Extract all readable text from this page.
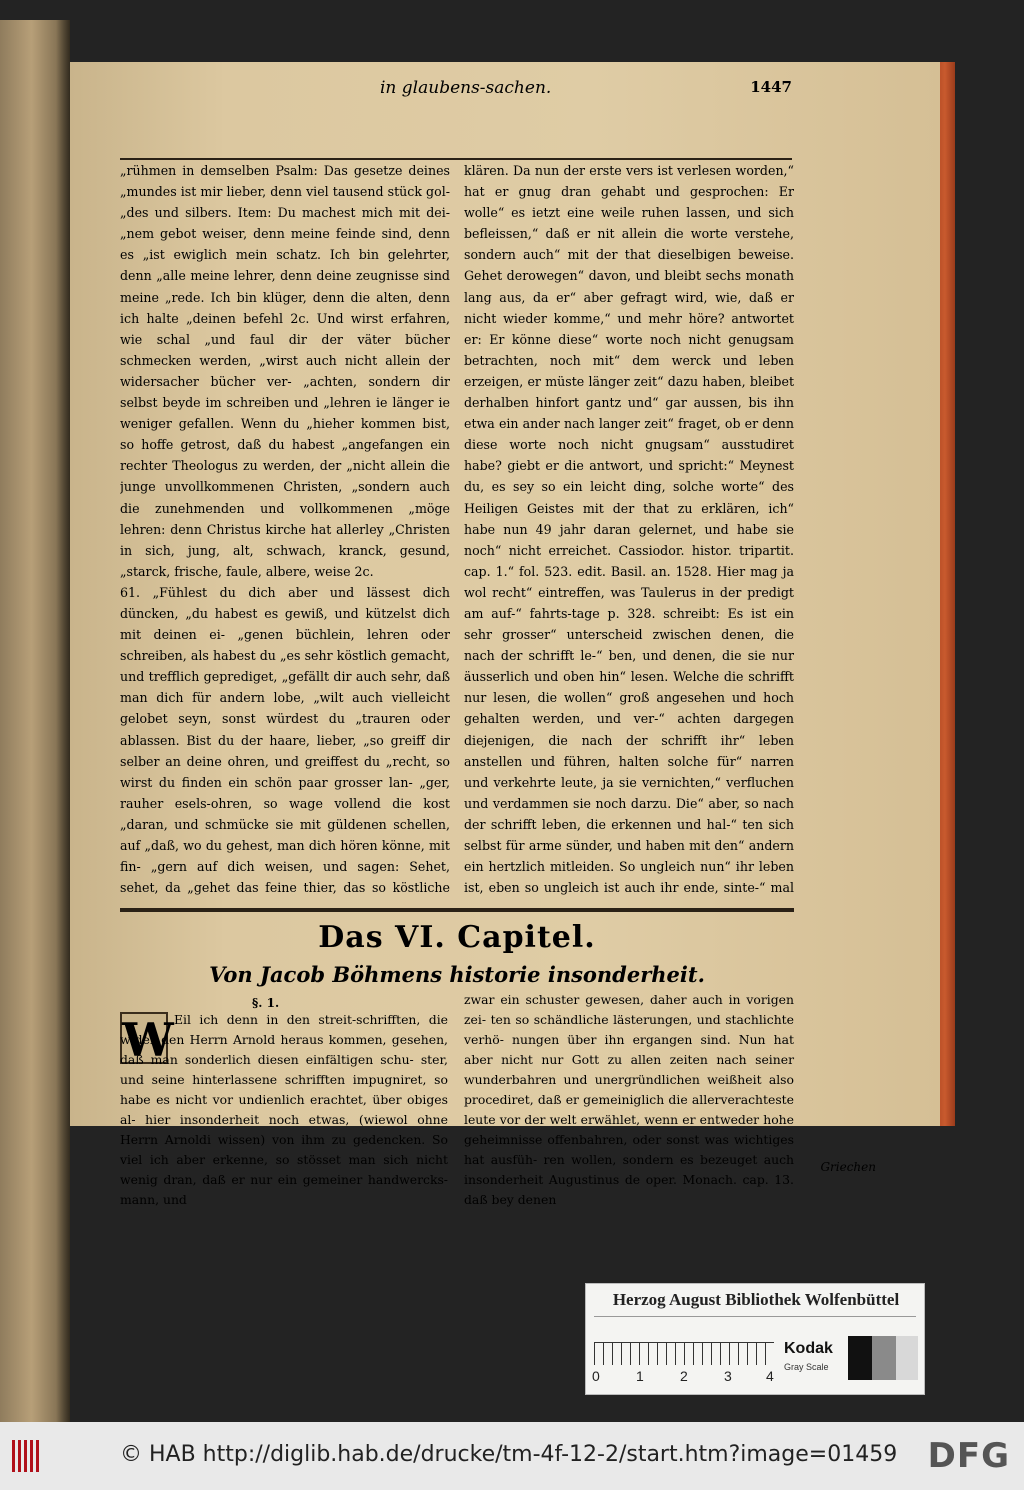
in glaubens-sachen.	1447

„rühmen in demselben Psalm: Das gesetze deines „mundes ist mir lieber, denn viel tausend stück gol- „des und silbers. Item: Du machest mich mit dei- „nem gebot weiser, denn meine feinde sind, denn es „ist ewiglich mein schatz. Ich bin gelehrter, denn „alle meine lehrer, denn deine zeugnisse sind meine „rede. Ich bin klüger, denn die alten, denn ich halte „deinen befehl 2c. Und wirst erfahren, wie schal „und faul dir der väter bücher schmecken werden, „wirst auch nicht allein der widersacher bücher ver- „achten, sondern dir selbst beyde im schreiben und „lehren ie länger ie weniger gefallen. Wenn du „hieher kommen bist, so hoffe getrost, daß du habest „angefangen ein rechter Theologus zu werden, der „nicht allein die junge unvollkommenen Christen, „sondern auch die zunehmenden und vollkommenen „möge lehren: denn Christus kirche hat allerley „Christen in sich, jung, alt, schwach, kranck, gesund, „starck, frische, faule, albere, weise 2c.

61. „Fühlest du dich aber und lässest dich düncken, „du habest es gewiß, und kützelst dich mit deinen ei- „genen büchlein, lehren oder schreiben, als habest du „es sehr köstlich gemacht, und trefflich geprediget, „gefällt dir auch sehr, daß man dich für andern lobe, „wilt auch vielleicht gelobet seyn, sonst würdest du „trauren oder ablassen. Bist du der haare, lieber, „so greiff dir selber an deine ohren, und greiffest du „recht, so wirst du finden ein schön paar grosser lan- „ger, rauher esels-ohren, so wage vollend die kost „daran, und schmücke sie mit güldenen schellen, auf „daß, wo du gehest, man dich hören könne, mit fin- „gern auf dich weisen, und sagen: Sehet, sehet, da „gehet das feine thier, das so köstliche

klären. Da nun der erste vers ist verlesen worden,“ hat er gnug dran gehabt und gesprochen: Er wolle“ es ietzt eine weile ruhen lassen, und sich befleissen,“ daß er nit allein die worte verstehe, sondern auch“ mit der that dieselbigen beweise. Gehet derowegen“ davon, und bleibt sechs monath lang aus, da er“ aber gefragt wird, wie, daß er nicht wieder komme,“ und mehr höre? antwortet er: Er könne diese“ worte noch nicht genugsam betrachten, noch mit“ dem werck und leben erzeigen, er müste länger zeit“ dazu haben, bleibet derhalben hinfort gantz und“ gar aussen, bis ihn etwa ein ander nach langer zeit“ fraget, ob er denn diese worte noch nicht gnugsam“ ausstudiret habe? giebt er die antwort, und spricht:“ Meynest du, es sey so ein leicht ding, solche worte“ des Heiligen Geistes mit der that zu erklären, ich“ habe nun 49 jahr daran gelernet, und habe sie noch“ nicht erreichet. Cassiodor. histor. tripartit. cap. 1.“ fol. 523. edit. Basil. an. 1528. Hier mag ja wol recht“ eintreffen, was Taulerus in der predigt am auf-“ fahrts-tage p. 328. schreibt: Es ist ein sehr grosser“ unterscheid zwischen denen, die nach der schrifft le-“ ben, und denen, die sie nur äusserlich und oben hin“ lesen. Welche die schrifft nur lesen, die wollen“ groß angesehen und hoch gehalten werden, und ver-“ achten dargegen diejenigen, die nach der schrifft ihr“ leben anstellen und führen, halten solche für“ narren und verkehrte leute, ja sie vernichten,“ verfluchen und verdammen sie noch darzu. Die“ aber, so nach der schrifft leben, die erkennen und hal-“ ten sich selbst für arme sünder, und haben mit den“ andern ein hertzlich mitleiden. So ungleich nun“ ihr leben ist, eben so ungleich ist auch ihr ende, sinte-“ mal

Das VI. Capitel.
Von Jacob Böhmens historie insonderheit.
§. 1.
W Eil ich denn in den streit-schrifften, die wider den Herrn Arnold heraus kommen, gesehen, daß man sonderlich diesen einfältigen schu- ster, und seine hinterlassene schrifften impugniret, so habe es nicht vor undienlich erachtet, über obiges al- hier insonderheit noch etwas, (wiewol ohne Herrn Arnoldi wissen) von ihm zu gedencken. So viel ich aber erkenne, so stösset man sich nicht wenig dran, daß er nur ein gemeiner handwercks-mann, und

zwar ein schuster gewesen, daher auch in vorigen zei- ten so schändliche lästerungen, und stachlichte verhö- nungen über ihn ergangen sind. Nun hat aber nicht nur Gott zu allen zeiten nach seiner wunderbahren und unergründlichen weißheit also procediret, daß er gemeiniglich die allerverachteste leute vor der welt erwählet, wenn er entweder hohe geheimnisse offenbahren, oder sonst was wichtiges hat ausfüh- ren wollen, sondern es bezeuget auch insonderheit Augustinus de oper. Monach. cap. 13. daß bey denen

Griechen
Herzog August Bibliothek Wolfenbüttel
0	1	2	3 4
Kodak
Gray Scale
© HAB http://diglib.hab.de/drucke/tm-4f-12-2/start.htm?image=01459 DFG
